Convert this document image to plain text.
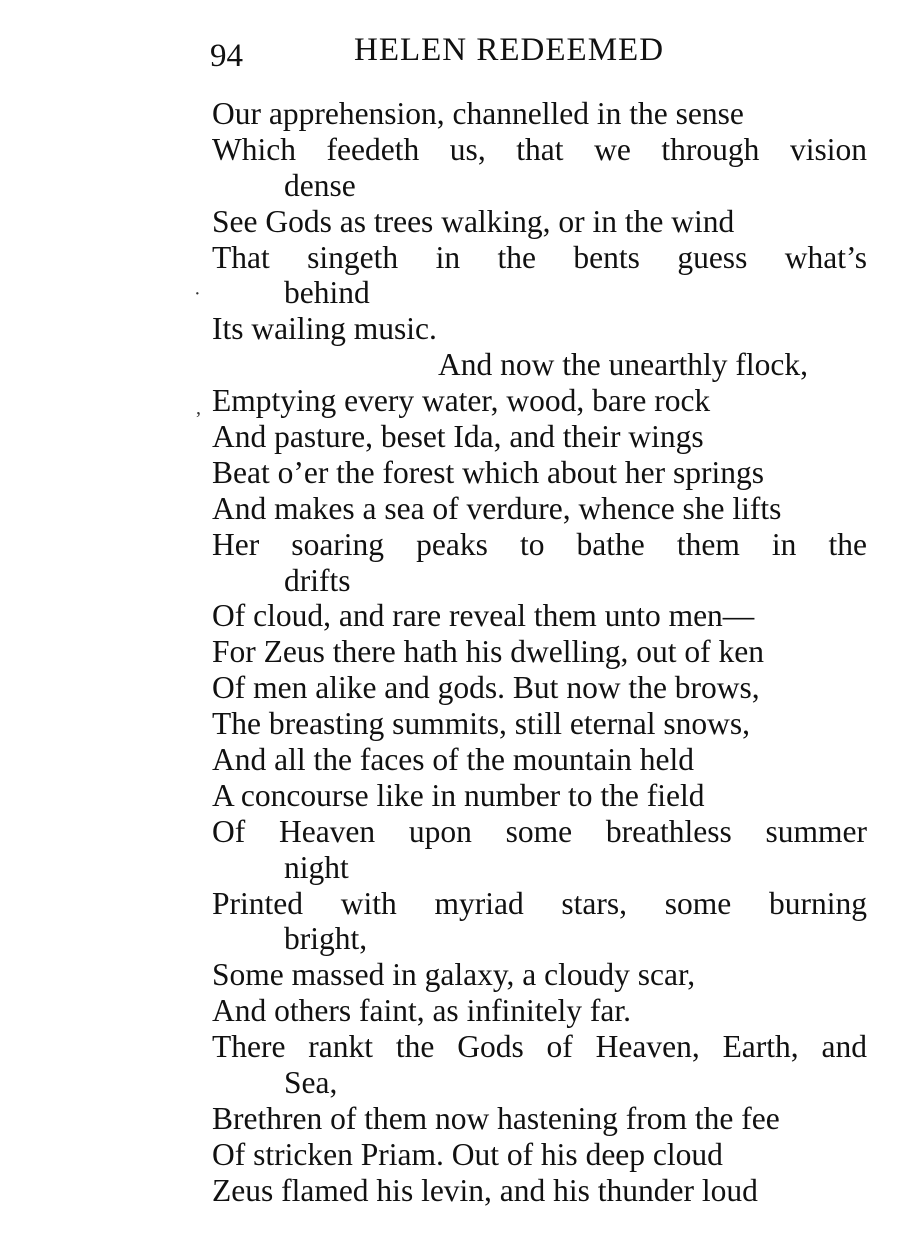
94	HELEN REDEEMED
Our apprehension, channelled in the sense
Which feedeth us, that we through vision
dense
See Gods as trees walking, or in the wind
That singeth in the bents guess what’s
behind
Its wailing music.
And now the unearthly flock,
Emptying every water, wood, bare rock
And pasture, beset Ida, and their wings
Beat o’er the forest which about her springs
And makes a sea of verdure, whence she lifts
Her soaring peaks to bathe them in the
drifts
Of cloud, and rare reveal them unto men—
For Zeus there hath his dwelling, out of ken
Of men alike and gods. But now the brows,
The breasting summits, still eternal snows,
And all the faces of the mountain held
A concourse like in number to the field
Of Heaven upon some breathless summer
night
Printed with myriad stars, some burning
bright,
Some massed in galaxy, a cloudy scar,
And others faint, as infinitely far.
There rankt the Gods of Heaven, Earth, and
Sea,
Brethren of them now hastening from the fee
Of stricken Priam. Out of his deep cloud
Zeus flamed his levin, and his thunder loud
·
,
